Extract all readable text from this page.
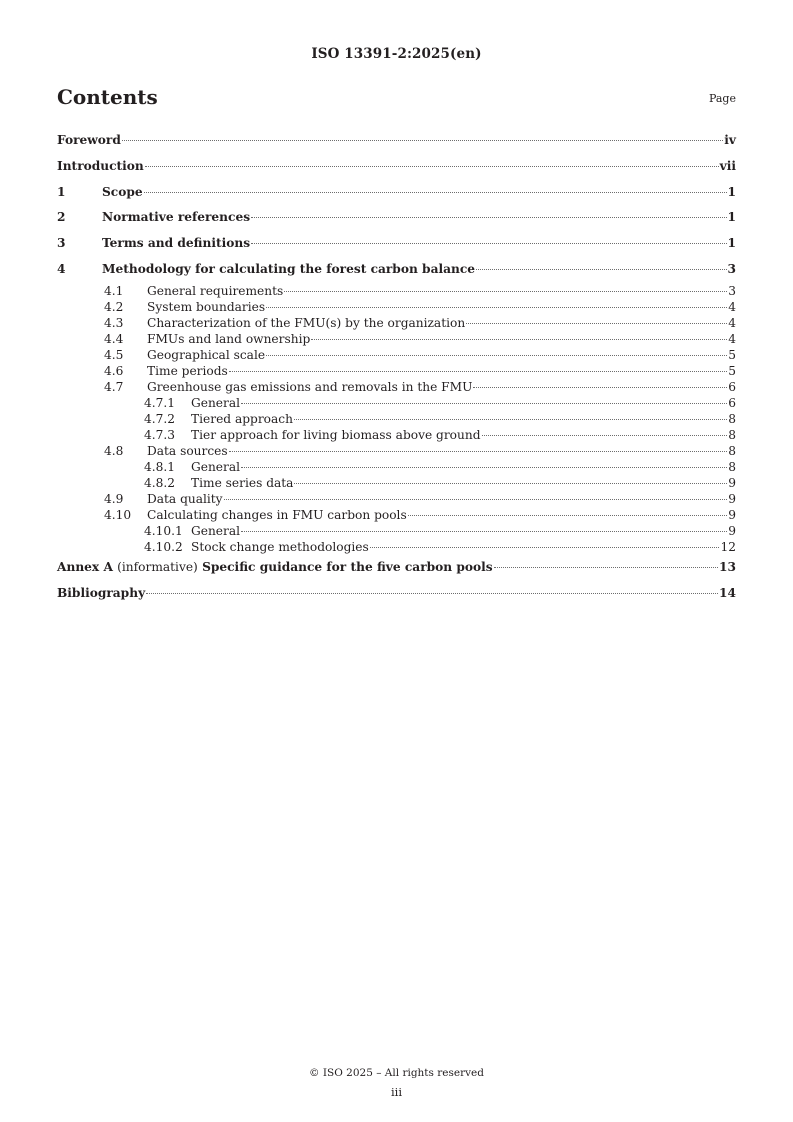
ISO 13391-2:2025(en)
Contents	Page
Foreword	iv
Introduction	vii
1	Scope	1
2	Normative references	1
3	Terms and definitions	1
4	Methodology for calculating the forest carbon balance	3
4.1	General requirements	3
4.2	System boundaries	4
4.3	Characterization of the FMU(s) by the organization	4
4.4	FMUs and land ownership	4
4.5	Geographical scale	5
4.6	Time periods	5
4.7	Greenhouse gas emissions and removals in the FMU	6
4.7.1	General	6
4.7.2	Tiered approach	8
4.7.3	Tier approach for living biomass above ground	8
4.8	Data sources	8
4.8.1	General	8
4.8.2	Time series data	9
4.9	Data quality	9
4.10	Calculating changes in FMU carbon pools	9
4.10.1 General	9
4.10.2 Stock change methodologies	12
Annex A (informative) Specific guidance for the five carbon pools	13
Bibliography	14
© ISO 2025 – All rights reserved
iii
